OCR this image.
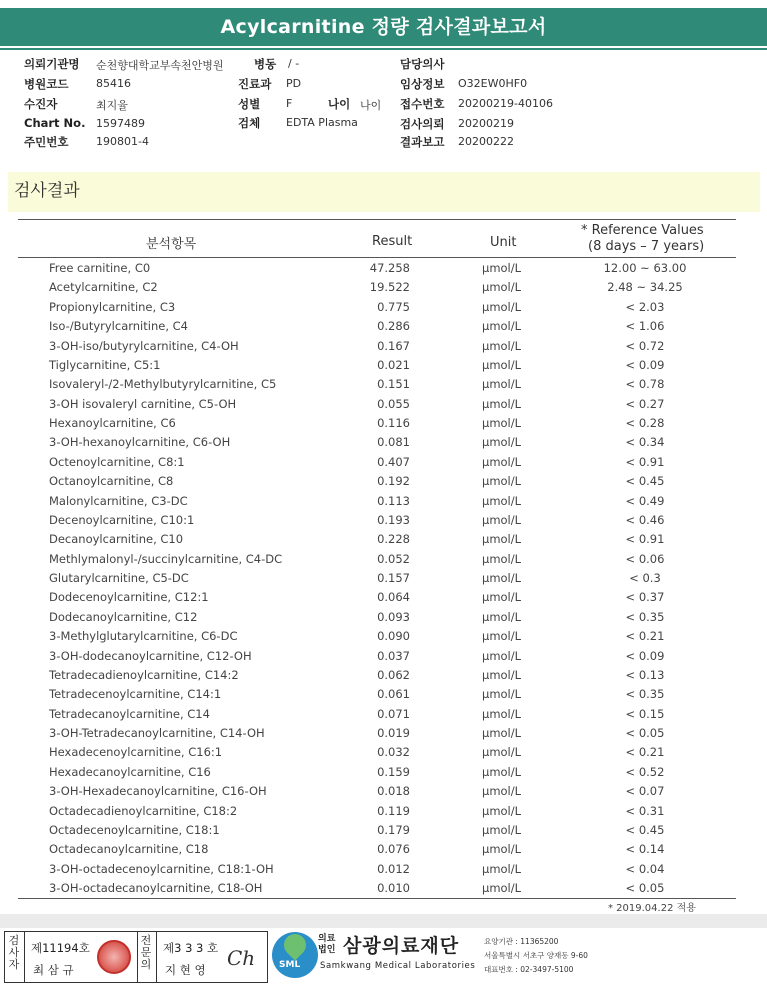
Acylcarnitine 정량 검사결과보고서
의뢰기관명 순천향대학교부속천안병원	병동 / -	담당의사
병원코드	85416	진료과 PD	임상정보 O32EW0HF0
수진자	최지율	성별 F	나이 나이 접수번호 20200219-40106
Chart No. 1597489	검체 EDTA Plasma	검사의뢰 20200219
주민번호	190801-4	결과보고 20200222
검사결과
분석항목	Result	Unit
* Reference Values
(8 days – 7 years)
Free carnitine, C0	47.258	μmol/L	12.00 ~ 63.00
Acetylcarnitine, C2	19.522	μmol/L	2.48 ~ 34.25
Propionylcarnitine, C3	0.775	μmol/L	< 2.03
Iso-/Butyrylcarnitine, C4	0.286	μmol/L	< 1.06
3-OH-iso/butyrylcarnitine, C4-OH	0.167	μmol/L	< 0.72
Tiglycarnitine, C5:1	0.021	μmol/L	< 0.09
Isovaleryl-/2-Methylbutyrylcarnitine, C5	0.151	μmol/L	< 0.78
3-OH isovaleryl carnitine, C5-OH	0.055	μmol/L	< 0.27
Hexanoylcarnitine, C6	0.116	μmol/L	< 0.28
3-OH-hexanoylcarnitine, C6-OH	0.081	μmol/L	< 0.34
Octenoylcarnitine, C8:1	0.407	μmol/L	< 0.91
Octanoylcarnitine, C8	0.192	μmol/L	< 0.45
Malonylcarnitine, C3-DC	0.113	μmol/L	< 0.49
Decenoylcarnitine, C10:1	0.193	μmol/L	< 0.46
Decanoylcarnitine, C10	0.228	μmol/L	< 0.91
Methlymalonyl-/succinylcarnitine, C4-DC	0.052	μmol/L	< 0.06
Glutarylcarnitine, C5-DC	0.157	μmol/L	< 0.3
Dodecenoylcarnitine, C12:1	0.064	μmol/L	< 0.37
Dodecanoylcarnitine, C12	0.093	μmol/L	< 0.35
3-Methylglutarylcarnitine, C6-DC	0.090	μmol/L	< 0.21
3-OH-dodecanoylcarnitine, C12-OH	0.037	μmol/L	< 0.09
Tetradecadienoylcarnitine, C14:2	0.062	μmol/L	< 0.13
Tetradecenoylcarnitine, C14:1	0.061	μmol/L	< 0.35
Tetradecanoylcarnitine, C14	0.071	μmol/L	< 0.15
3-OH-Tetradecanoylcarnitine, C14-OH	0.019	μmol/L	< 0.05
Hexadecenoylcarnitine, C16:1	0.032	μmol/L	< 0.21
Hexadecanoylcarnitine, C16	0.159	μmol/L	< 0.52
3-OH-Hexadecanoylcarnitine, C16-OH	0.018	μmol/L	< 0.07
Octadecadienoylcarnitine, C18:2	0.119	μmol/L	< 0.31
Octadecenoylcarnitine, C18:1	0.179	μmol/L	< 0.45
Octadecanoylcarnitine, C18	0.076	μmol/L	< 0.14
3-OH-octadecenoylcarnitine, C18:1-OH	0.012	μmol/L	< 0.04
3-OH-octadecanoylcarnitine, C18-OH	0.010	μmol/L	< 0.05
* 2019.04.22 적용
검
사
자
제11194호
최 삼 규
전
문
의
제3 3 3 호
지 현 영 Ch	SML
의료
법인 삼광의료재단
Samkwang Medical Laboratories
요양기관 : 11365200
서울특별시 서초구 양재동 9-60
대표번호 : 02-3497-5100
